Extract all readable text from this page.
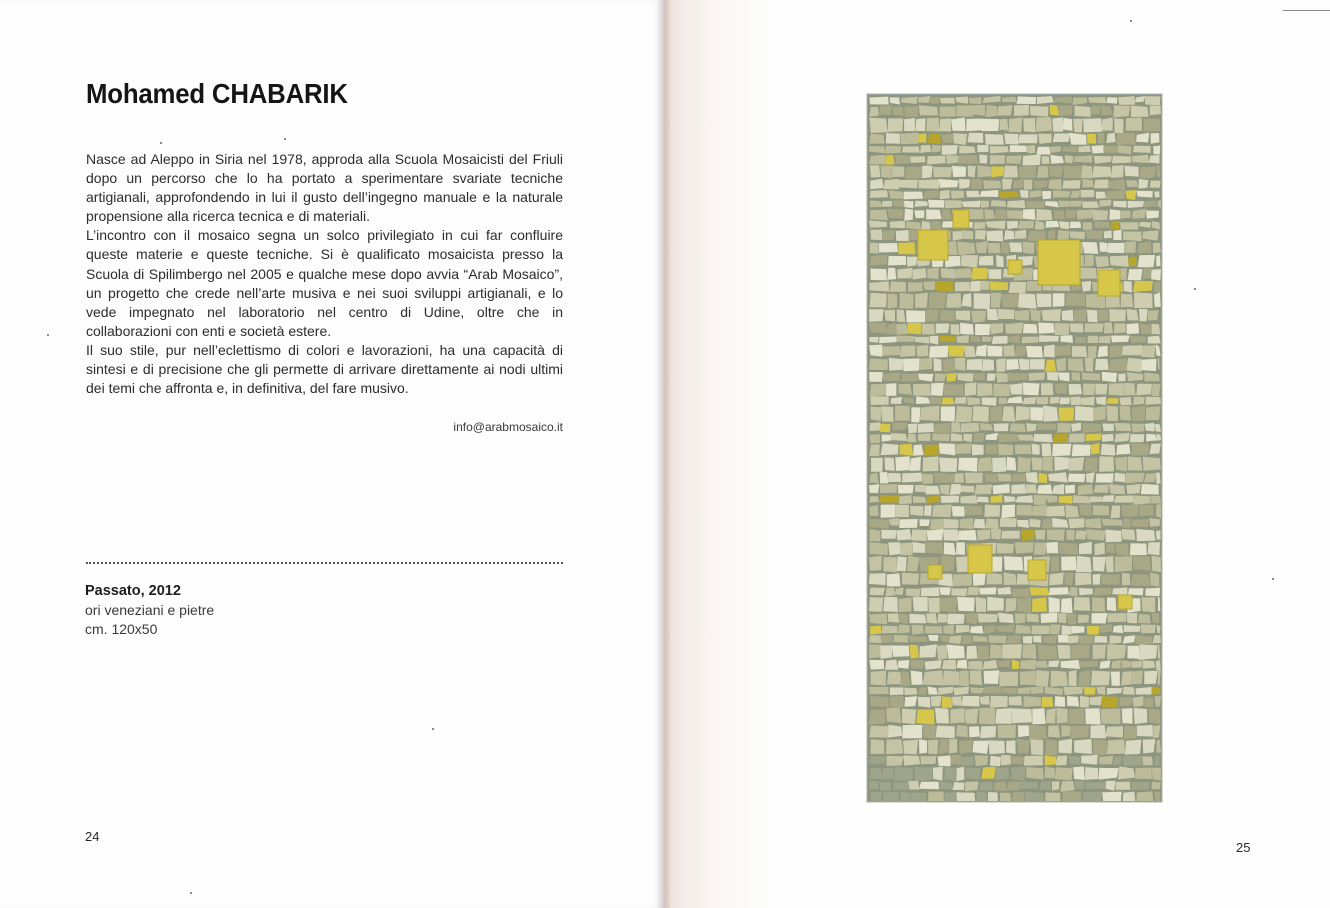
Mohamed CHABARIK

Nasce ad Aleppo in Siria nel 1978, approda alla Scuola Mosaicisti del Friuli dopo un percorso che lo ha portato a sperimentare svariate tecniche artigianali, approfondendo in lui il gusto dell’ingegno manuale e la naturale propensione alla ricerca tecnica e di materiali.

L’incontro con il mosaico segna un solco privilegiato in cui far confluire queste materie e queste tecniche. Si è qualificato mosaicista presso la Scuola di Spilimbergo nel 2005 e qualche mese dopo avvia “Arab Mosaico”, un progetto che crede nell’arte musiva e nei suoi sviluppi artigianali, e lo vede impegnato nel laboratorio nel centro di Udine, oltre che in collaborazioni con enti e società estere.

Il suo stile, pur nell’eclettismo di colori e lavorazioni, ha una capacità di sintesi e di precisione che gli permette di arrivare direttamente ai nodi ultimi dei temi che affronta e, in definitiva, del fare musivo.

info@arabmosaico.it
Passato, 2012
ori veneziani e pietre
cm. 120x50
24
25
